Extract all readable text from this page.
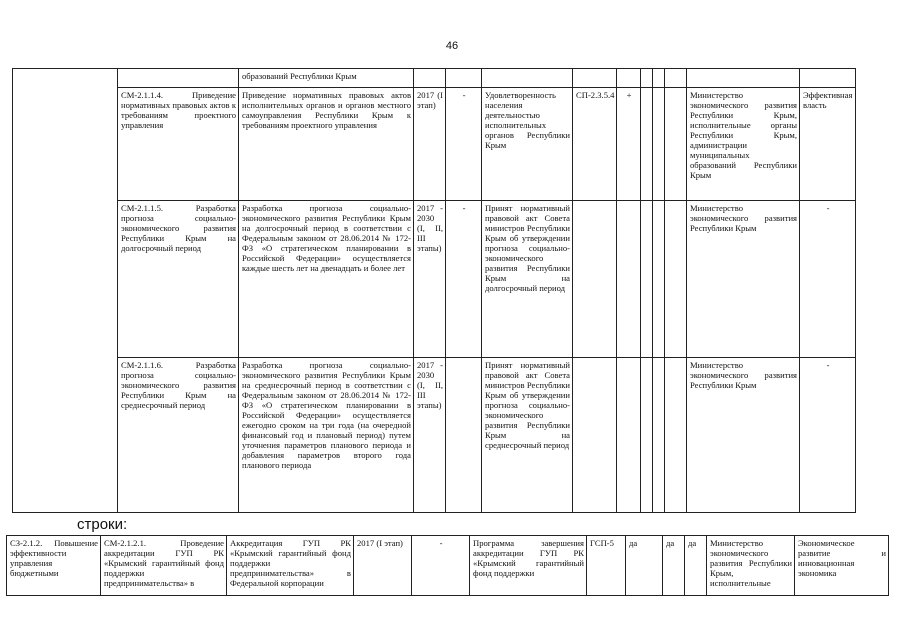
46
		образований Республики Крым										
	СМ-2.1.1.4. Приведение нормативных правовых актов к требованиям проектного управления	Приведение нормативных правовых актов исполнительных органов и органов местного самоуправления Республики Крым к требованиям проектного управления	2017 (I этап)	-	Удовлетворенность населения деятельностью исполнительных органов Республики Крым	СП-2.3.5.4	+				Министерство экономического развития Республики Крым, исполнительные органы Республики Крым, администрации муниципальных образований Республики Крым	Эффективная власть
	СМ-2.1.1.5. Разработка прогноза социально-экономического развития Республики Крым на долгосрочный период	Разработка прогноза социально-экономического развития Республики Крым на долгосрочный период в соответствии с Федеральным законом от 28.06.2014 № 172-ФЗ «О стратегическом планировании в Российской Федерации» осуществляется каждые шесть лет на двенадцать и более лет	2017 - 2030 (I, II, III этапы)	-	Принят нормативный правовой акт Совета министров Республики Крым об утверждении прогноза социально-экономического развития Республики Крым на долгосрочный период						Министерство экономического развития Республики Крым	-
	СМ-2.1.1.6. Разработка прогноза социально-экономического развития Республики Крым на среднесрочный период	Разработка прогноза социально-экономического развития Республики Крым на среднесрочный период в соответствии с Федеральным законом от 28.06.2014 № 172-ФЗ «О стратегическом планировании в Российской Федерации» осуществляется ежегодно сроком на три года (на очередной финансовый год и плановый период) путем уточнения параметров планового периода и добавления параметров второго года планового периода	2017 - 2030 (I, II, III этапы)		Принят нормативный правовой акт Совета министров Республики Крым об утверждении прогноза социально-экономического развития Республики Крым на среднесрочный период						Министерство экономического развития Республики Крым	-
строки:
СЗ-2.1.2. Повышение эффективности управления бюджетными	СМ-2.1.2.1. Проведение аккредитации ГУП РК «Крымский гарантийный фонд поддержки предпринимательства» в	Аккредитация ГУП РК «Крымский гарантийный фонд поддержки предпринимательства» в Федеральной корпорации	2017 (I этап)	-	Программа завершения аккредитации ГУП РК «Крымский гарантийный фонд поддержки	ГСП-5	да	да	да	Министерство экономического развития Республики Крым, исполнительные	Экономическое развитие и инновационная экономика
